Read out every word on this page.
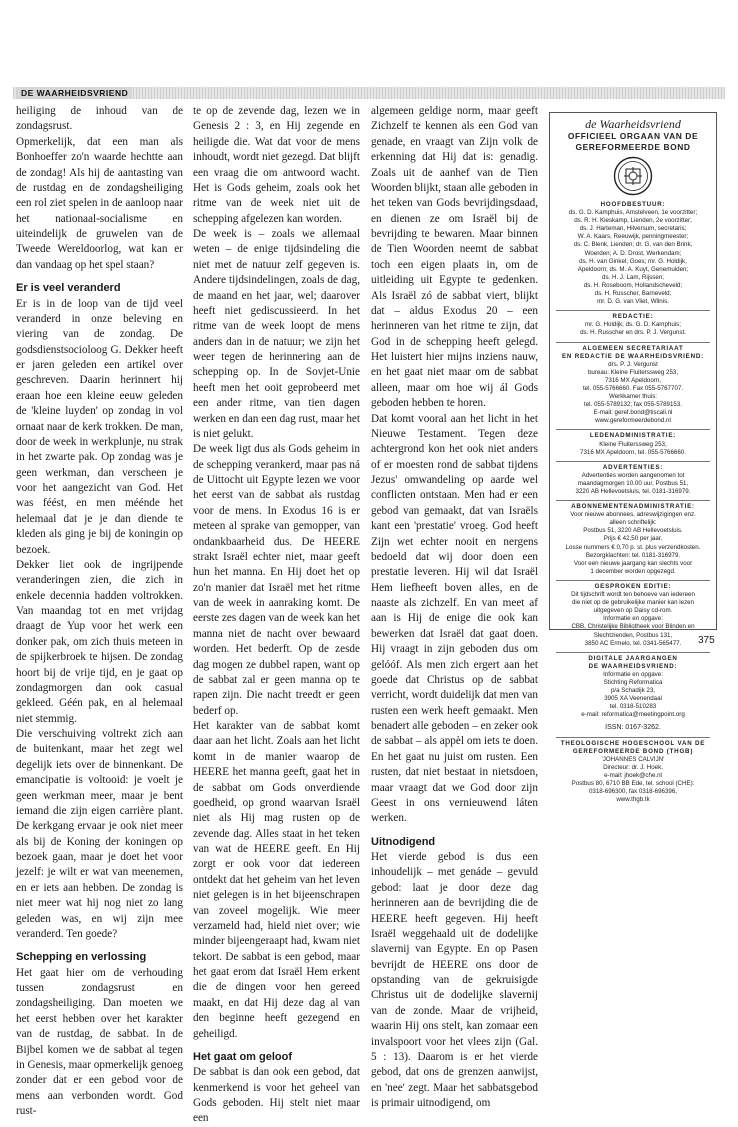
DE WAARHEIDSVRIEND

heiliging de inhoud van de zondagsrust.

Opmerkelijk, dat een man als Bonhoeffer zo'n waarde hechtte aan de zondag! Als hij de aantasting van de rustdag en de zondagsheiliging een rol ziet spelen in de aanloop naar het nationaal-socialisme en uiteindelijk de gruwelen van de Tweede Wereldoorlog, wat kan er dan vandaag op het spel staan?

Er is veel veranderd

Er is in de loop van de tijd veel veranderd in onze beleving en viering van de zondag. De godsdienstsocioloog G. Dekker heeft er jaren geleden een artikel over geschreven. Daarin herinnert hij eraan hoe een kleine eeuw geleden de 'kleine luyden' op zondag in vol ornaat naar de kerk trokken. De man, door de week in werkplunje, nu strak in het zwarte pak. Op zondag was je geen werkman, dan verscheen je voor het aangezicht van God. Het was féést, en men méénde het helemaal dat je je dan diende te kleden als ging je bij de koningin op bezoek.

Dekker liet ook de ingrijpende veranderingen zien, die zich in enkele decennia hadden voltrokken. Van maandag tot en met vrijdag draagt de Yup voor het werk een donker pak, om zich thuis meteen in de spijkerbroek te hijsen. De zondag hoort bij de vrije tijd, en je gaat op zondagmorgen dan ook casual gekleed. Géén pak, en al helemaal niet stemmig.

Die verschuiving voltrekt zich aan de buitenkant, maar het zegt wel degelijk iets over de binnenkant. De emancipatie is voltooid: je voelt je geen werkman meer, maar je bent iemand die zijn eigen carrière plant. De kerkgang ervaar je ook niet meer als bij de Koning der koningen op bezoek gaan, maar je doet het voor jezelf: je wilt er wat van meenemen, en er iets aan hebben. De zondag is niet meer wat hij nog niet zo lang geleden was, en wij zijn mee veranderd. Ten goede?

Schepping en verlossing

Het gaat hier om de verhouding tussen zondagsrust en zondagsheiliging. Dan moeten we het eerst hebben over het karakter van de rustdag, de sabbat. In de Bijbel komen we de sabbat al tegen in Genesis, maar opmerkelijk genoeg zonder dat er een gebod voor de mens aan verbonden wordt. God rust-

te op de zevende dag, lezen we in Genesis 2 : 3, en Hij zegende en heiligde die. Wat dat voor de mens inhoudt, wordt niet gezegd. Dat blijft een vraag die om antwoord wacht. Het is Gods geheim, zoals ook het ritme van de week niet uit de schepping afgelezen kan worden.

De week is – zoals we allemaal weten – de enige tijdsindeling die niet met de natuur zelf gegeven is. Andere tijdsindelingen, zoals de dag, de maand en het jaar, wel; daarover heeft niet gediscussieerd. In het ritme van de week loopt de mens anders dan in de natuur; we zijn het weer tegen de herinnering aan de schepping op. In de Sovjet-Unie heeft men het ooit geprobeerd met een ander ritme, van tien dagen werken en dan een dag rust, maar het is niet gelukt.

De week ligt dus als Gods geheim in de schepping verankerd, maar pas ná de Uittocht uit Egypte lezen we voor het eerst van de sabbat als rustdag voor de mens. In Exodus 16 is er meteen al sprake van gemopper, van ondankbaarheid dus. De HEERE strakt Israël echter niet, maar geeft hun het manna. En Hij doet het op zo'n manier dat Israël met het ritme van de week in aanraking komt. De eerste zes dagen van de week kan het manna niet de nacht over bewaard worden. Het bederft. Op de zesde dag mogen ze dubbel rapen, want op de sabbat zal er geen manna op te rapen zijn. Die nacht treedt er geen bederf op.

Het karakter van de sabbat komt daar aan het licht. Zoals aan het licht komt in de manier waarop de HEERE het manna geeft, gaat het in de sabbat om Gods onverdiende goedheid, op grond waarvan Israël niet als Hij mag rusten op de zevende dag. Alles staat in het teken van wat de HEERE geeft. En Hij zorgt er ook voor dat iedereen ontdekt dat het geheim van het leven niet gelegen is in het bijeenschrapen van zoveel mogelijk. Wie meer verzameld had, hield niet over; wie minder bijeengeraapt had, kwam niet tekort. De sabbat is een gebod, maar het gaat erom dat Israël Hem erkent die de dingen voor hen gereed maakt, en dat Hij deze dag al van den beginne heeft gezegend en geheiligd.

Het gaat om geloof

De sabbat is dan ook een gebod, dat kenmerkend is voor het geheel van Gods geboden. Hij stelt niet maar een

algemeen geldige norm, maar geeft Zichzelf te kennen als een God van genade, en vraagt van Zijn volk de erkenning dat Hij dat is: genadig. Zoals uit de aanhef van de Tien Woorden blijkt, staan alle geboden in het teken van Gods bevrijdingsdaad, en dienen ze om Israël bij de bevrijding te bewaren. Maar binnen de Tien Woorden neemt de sabbat toch een eigen plaats in, om de uitleiding uit Egypte te gedenken. Als Israël zó de sabbat viert, blijkt dat – aldus Exodus 20 – een herinneren van het ritme te zijn, dat God in de schepping heeft gelegd. Het luistert hier mijns inziens nauw, en het gaat niet maar om de sabbat alleen, maar om hoe wij ál Gods geboden hebben te horen.

Dat komt vooral aan het licht in het Nieuwe Testament. Tegen deze achtergrond kon het ook niet anders of er moesten rond de sabbat tijdens Jezus' omwandeling op aarde wel conflicten ontstaan. Men had er een gebod van gemaakt, dat van Israëls kant een 'prestatie' vroeg. God heeft Zijn wet echter nooit en nergens bedoeld dat wij door doen een prestatie leveren. Hij wil dat Israël Hem liefheeft boven alles, en de naaste als zichzelf. En van meet af aan is Hij de enige die ook kan bewerken dat Israël dat gaat doen. Hij vraagt in zijn geboden dus om gelóóf. Als men zich ergert aan het goede dat Christus op de sabbat verricht, wordt duidelijk dat men van rusten een werk heeft gemaakt. Men benadert alle geboden – en zeker ook de sabbat – als appèl om iets te doen. En het gaat nu juist om rusten. Een rusten, dat niet bestaat in nietsdoen, maar vraagt dat we God door zijn Geest in ons vernieuwend láten werken.

Uitnodigend

Het vierde gebod is dus een inhoudelijk – met genáde – gevuld gebod: laat je door deze dag herinneren aan de bevrijding die de HEERE heeft gegeven. Hij heeft Israël weggehaald uit de dodelijke slavernij van Egypte. En op Pasen bevrijdt de HEERE ons door de opstanding van de gekruisigde Christus uit de dodelijke slavernij van de zonde. Maar de vrijheid, waarin Hij ons stelt, kan zomaar een invalspoort voor het vlees zijn (Gal. 5 : 13). Daarom is er het vierde gebod, dat ons de grenzen aanwijst, en 'nee' zegt. Maar het sabbatsgebod is primair uitnodigend, om

de Waarheidsvriend
OFFICIEEL ORGAAN VAN DE
GEREFORMEERDE BOND
HOOFDBESTUUR:
ds. G. D. Kamphuis, Amstelveen, 1e voorzitter;
ds. R. H. Kieskamp, Lienden, 2e voorzitter;
ds. J. Harteman, Hilversum, secretaris;
W. A. Kaars, Reeuwijk, penningmeester;
ds. C. Blenk, Lienden; dr. G. van den Brink,
Woerden; A. D. Drost, Werkendam;
ds. H. van Ginkel, Goes; mr. G. Holdijk,
Apeldoorn; ds. M. A. Kuyt, Genemuiden;
ds. H. J. Lam, Rijssen;
ds. H. Roseboom, Hollandscheveld;
ds. H. Russcher, Barneveld;
mr. D. G. van Vliet, Wilnis.
REDACTIE:
mr. G. Holdijk; ds. G. D. Kamphuis;
ds. H. Russcher en drs. P. J. Vergunst.
ALGEMEEN SECRETARIAAT
EN REDACTIE DE WAARHEIDSVRIEND:
drs. P. J. Vergunst
bureau: Kleine Fluiterssweg 253,
7316 MX Apeldoorn,
tel. 055-5766660. Fax 055-5767707.
Werkkamer thuis:
tel. 055-5789132; fax 055-5789153.
E-mail: geref.bond@tiscali.nl
www.gereformeerdebond.nl
LEDENADMINISTRATIE:
Kleine Fluiterssweg 253,
7316 MX Apeldoorn, tel. 055-5766660.
ADVERTENTIES:
Advertenties worden aangenomen tot
maandagmorgen 10.00 uur, Postbus 51,
3220 AB Hellevoetsluis, tel. 0181-316979.
ABONNEMENTENADMINISTRATIE:
Voor nieuwe abonnees, adreswijzigingen enz.
alleen schriftelijk:
Postbus 51, 3220 AB Hellevoetsluis.
Prijs € 42,50 per jaar.
Losse nummers € 0,70 p. st. plus verzendkosten. Bezorgklachten: tel. 0181-316979.
Voor een nieuwe jaargang kan slechts voor
1 december worden opgezegd.
GESPROKEN EDITIE:
Dit tijdschrift wordt ten behoeve van iedereen
die niet op de gebruikelijke manier kan lezen
uitgegeven op Daisy cd-rom.
Informatie en opgave:
CBB, Christelijke Bibliotheek voor Blinden en
Slechtzienden, Postbus 131,
3850 AC Ermelo, tel. 0341-565477.
DIGITALE JAARGANGEN
DE WAARHEIDSVRIEND:
Informatie en opgave:
Stichting Reformatica
p/a Schadijk 23,
3905 XA Veenendaal
tel. 0318-510283
e-mail: reformatica@meetingpoint.org
ISSN: 0167-3262.
THEOLOGISCHE HOGESCHOOL VAN DE
GEREFORMEERDE BOND (THGB)
'JOHANNES CALVIJN'
Directeur: dr. J. Hoek,
e-mail: jhoek@che.nl
Postbus 80, 6710 BB Ede, tel. school (CHE):
0318-696300, fax 0318-696396,
www.thgb.tk
375
